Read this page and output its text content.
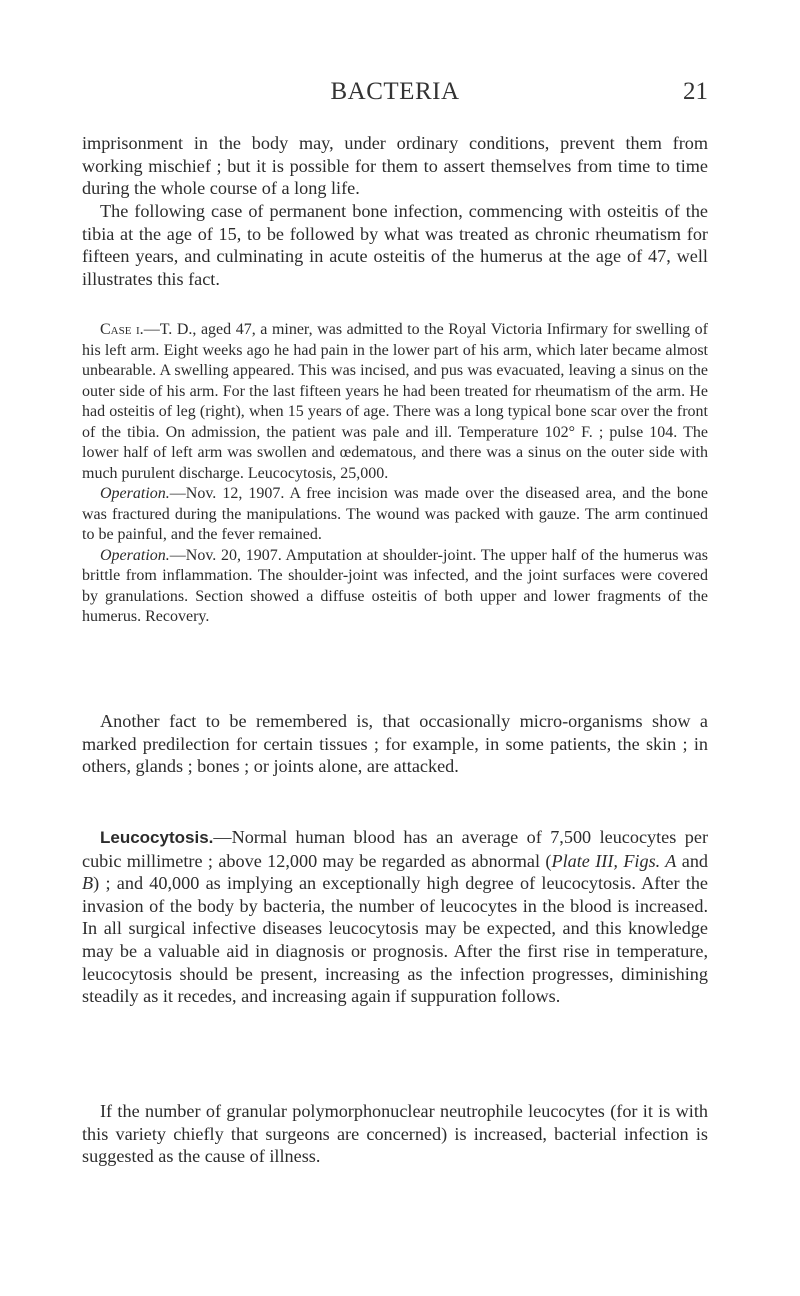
BACTERIA	21

imprisonment in the body may, under ordinary conditions, prevent them from working mischief ; but it is possible for them to assert themselves from time to time during the whole course of a long life.

The following case of permanent bone infection, commencing with osteitis of the tibia at the age of 15, to be followed by what was treated as chronic rheumatism for fifteen years, and culminating in acute osteitis of the humerus at the age of 47, well illustrates this fact.

Case i.—T. D., aged 47, a miner, was admitted to the Royal Victoria Infirmary for swelling of his left arm. Eight weeks ago he had pain in the lower part of his arm, which later became almost unbearable. A swelling appeared. This was incised, and pus was evacuated, leaving a sinus on the outer side of his arm. For the last fifteen years he had been treated for rheumatism of the arm. He had osteitis of leg (right), when 15 years of age. There was a long typical bone scar over the front of the tibia. On admission, the patient was pale and ill. Temperature 102° F. ; pulse 104. The lower half of left arm was swollen and œdematous, and there was a sinus on the outer side with much purulent discharge. Leucocytosis, 25,000.

Operation.—Nov. 12, 1907. A free incision was made over the diseased area, and the bone was fractured during the manipulations. The wound was packed with gauze. The arm continued to be painful, and the fever remained.

Operation.—Nov. 20, 1907. Amputation at shoulder-joint. The upper half of the humerus was brittle from inflammation. The shoulder-joint was infected, and the joint surfaces were covered by granulations. Section showed a diffuse osteitis of both upper and lower fragments of the humerus. Recovery.

Another fact to be remembered is, that occasionally micro-organisms show a marked predilection for certain tissues ; for example, in some patients, the skin ; in others, glands ; bones ; or joints alone, are attacked.

Leucocytosis.—Normal human blood has an average of 7,500 leucocytes per cubic millimetre ; above 12,000 may be regarded as abnormal (Plate III, Figs. A and B) ; and 40,000 as implying an exceptionally high degree of leucocytosis. After the invasion of the body by bacteria, the number of leucocytes in the blood is increased. In all surgical infective diseases leucocytosis may be expected, and this knowledge may be a valuable aid in diagnosis or prognosis. After the first rise in temperature, leucocytosis should be present, increasing as the infection progresses, diminishing steadily as it recedes, and increasing again if suppuration follows.

If the number of granular polymorphonuclear neutrophile leucocytes (for it is with this variety chiefly that surgeons are concerned) is increased, bacterial infection is suggested as the cause of illness.
